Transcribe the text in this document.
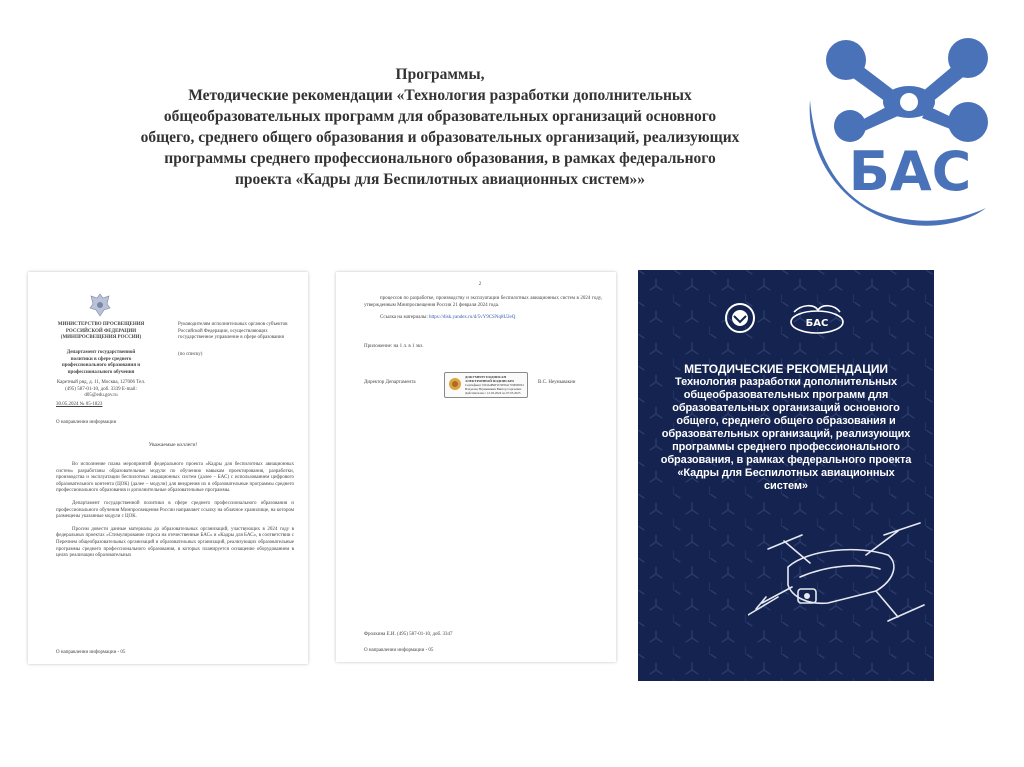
Программы,
Методические рекомендации «Технология разработки дополнительных
общеобразовательных программ для образовательных организаций основного
общего, среднего общего образования и образовательных организаций, реализующих
программы среднего профессионального образования, в рамках федерального
проекта «Кадры для Беспилотных авиационных систем»»	БАС
МИНИСТЕРСТВО ПРОСВЕЩЕНИЯ РОССИЙСКОЙ ФЕДЕРАЦИИ (МИНПРОСВЕЩЕНИЯ РОССИИ)
Департамент государственной политики в сфере среднего профессионального образования и профессионального обучения
Каретный ряд, д. 11, Москва, 127006 Тел. (495) 587-01-10, доб. 3339 E-mail: d05@edu.gov.ru
30.05.2024 № 05-1823
Руководителям исполнительных органов субъектов Российской Федерации, осуществляющих государственное управление в сфере образования
(по списку)
О направлении информации
Уважаемые коллеги!

Во исполнение плана мероприятий федерального проекта «Кадры для беспилотных авиационных систем» разработаны образовательные модули по обучению навыкам проектирования, разработки, производства и эксплуатации беспилотных авиационных систем (далее – БАС) с использованием цифрового образовательного контента (ЦОК) (далее – модули) для внедрения их в образовательные программы среднего профессионального образования и дополнительные образовательные программы.

Департамент государственной политики в сфере среднего профессионального образования и профессионального обучения Минпросвещения России направляет ссылку на облачное хранилище, на котором размещены указанные модули с ЦОК.

Просим довести данные материалы до образовательных организаций, участвующих в 2024 году в федеральных проектах «Стимулирование спроса на отечественные БАС» и «Кадры для БАС», в соответствии с Перечнем общеобразовательных организаций и образовательных организаций, реализующих образовательные программы среднего профессионального образования, в которых планируется оснащение оборудованием в целях реализации образовательных

О направлении информации - 05
2

процессов по разработке, производству и эксплуатации беспилотных авиационных систем в 2024 году, утвержденным Минпросвещения России 21 февраля 2024 года.

Ссылка на материалы: https://disk.yandex.ru/d/5vY9CSNq8U2eQ

Приложение: на 1 л. в 1 экз.
Директор Департамента
ДОКУМЕНТ ПОДПИСАН ЭЛЕКТРОННОЙ ПОДПИСЬЮ
Сертификат 01DA4B6F2C9E8A1700000001 Владелец Неумывакин Виктор Сергеевич Действителен с 12.02.2024 по 07.05.2025
В.С. Неумывакин
Фролкина Е.И. (495) 587-01-10, доб. 3347
О направлении информации - 05
БАС
МЕТОДИЧЕСКИЕ РЕКОМЕНДАЦИИ
Технология разработки дополнительных
общеобразовательных программ для
образовательных организаций основного
общего, среднего общего образования и
образовательных организаций, реализующих
программы среднего профессионального
образования, в рамках федерального проекта
«Кадры для Беспилотных авиационных
систем»
